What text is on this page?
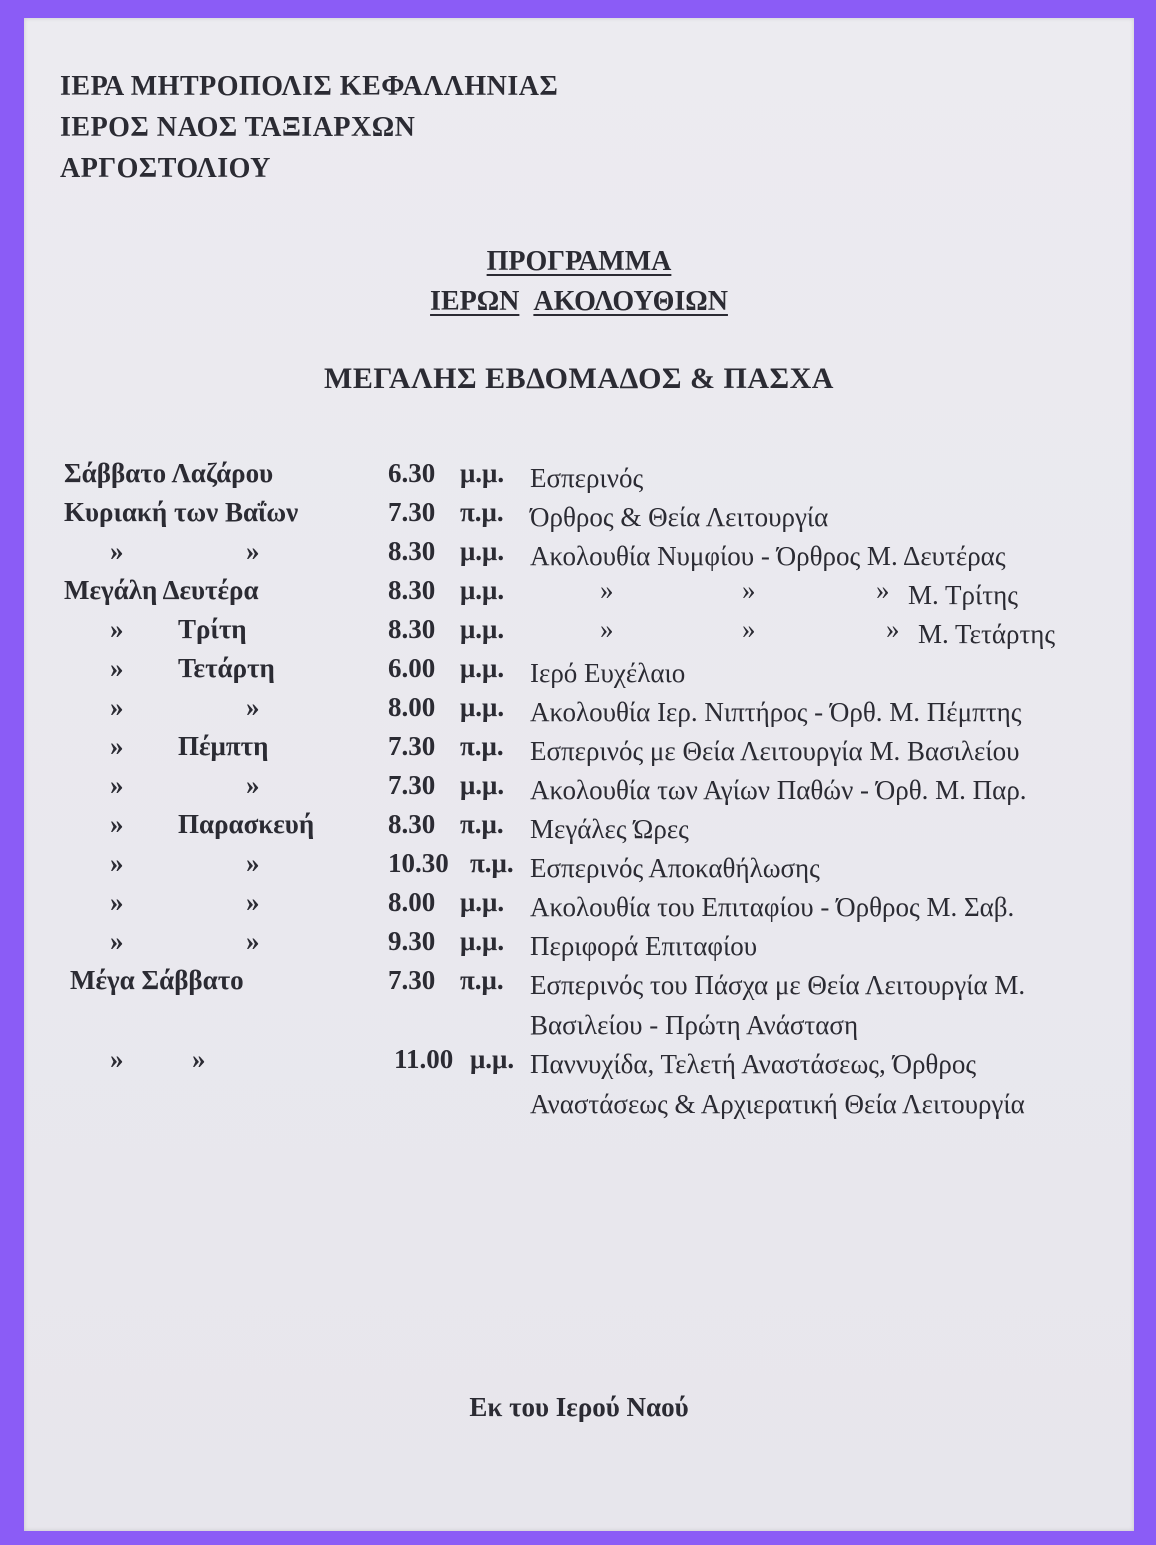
ΙΕΡΑ ΜΗΤΡΟΠΟΛΙΣ ΚΕΦΑΛΛΗΝΙΑΣ
ΙΕΡΟΣ ΝΑΟΣ ΤΑΞΙΑΡΧΩΝ
ΑΡΓΟΣΤΟΛΙΟΥ
ΠΡΟΓΡΑΜΜΑ
ΙΕΡΩΝ ΑΚΟΛΟΥΘΙΩΝ
ΜΕΓΑΛΗΣ ΕΒΔΟΜΑΔΟΣ & ΠΑΣΧΑ
Σάββατο Λαζάρου	6.30 μ.μ. Εσπερινός
Κυριακή των Βαΐων	7.30 π.μ. Όρθρος & Θεία Λειτουργία
»	»	8.30 μ.μ. Ακολουθία Νυμφίου - Όρθρος Μ. Δευτέρας
Μεγάλη Δευτέρα	8.30 μ.μ.	»	»	» Μ. Τρίτης
» Τρίτη	8.30 μ.μ.	»	»	» Μ. Τετάρτης
» Τετάρτη	6.00 μ.μ. Ιερό Ευχέλαιο
»	»	8.00 μ.μ. Ακολουθία Ιερ. Νιπτήρος - Όρθ. Μ. Πέμπτης
» Πέμπτη	7.30 π.μ. Εσπερινός με Θεία Λειτουργία Μ. Βασιλείου
»	»	7.30 μ.μ. Ακολουθία των Αγίων Παθών - Όρθ. Μ. Παρ.
» Παρασκευή	8.30 π.μ. Μεγάλες Ώρες
»	»	10.30 π.μ. Εσπερινός Αποκαθήλωσης
»	»	8.00 μ.μ. Ακολουθία του Επιταφίου - Όρθρος Μ. Σαβ.
»	»	9.30 μ.μ. Περιφορά Επιταφίου
Μέγα Σάββατο	7.30 π.μ. Εσπερινός του Πάσχα με Θεία Λειτουργία Μ.
Βασιλείου - Πρώτη Ανάσταση
»	»	11.00 μ.μ. Παννυχίδα, Τελετή Αναστάσεως, Όρθρος
Αναστάσεως & Αρχιερατική Θεία Λειτουργία
Εκ του Ιερού Ναού
